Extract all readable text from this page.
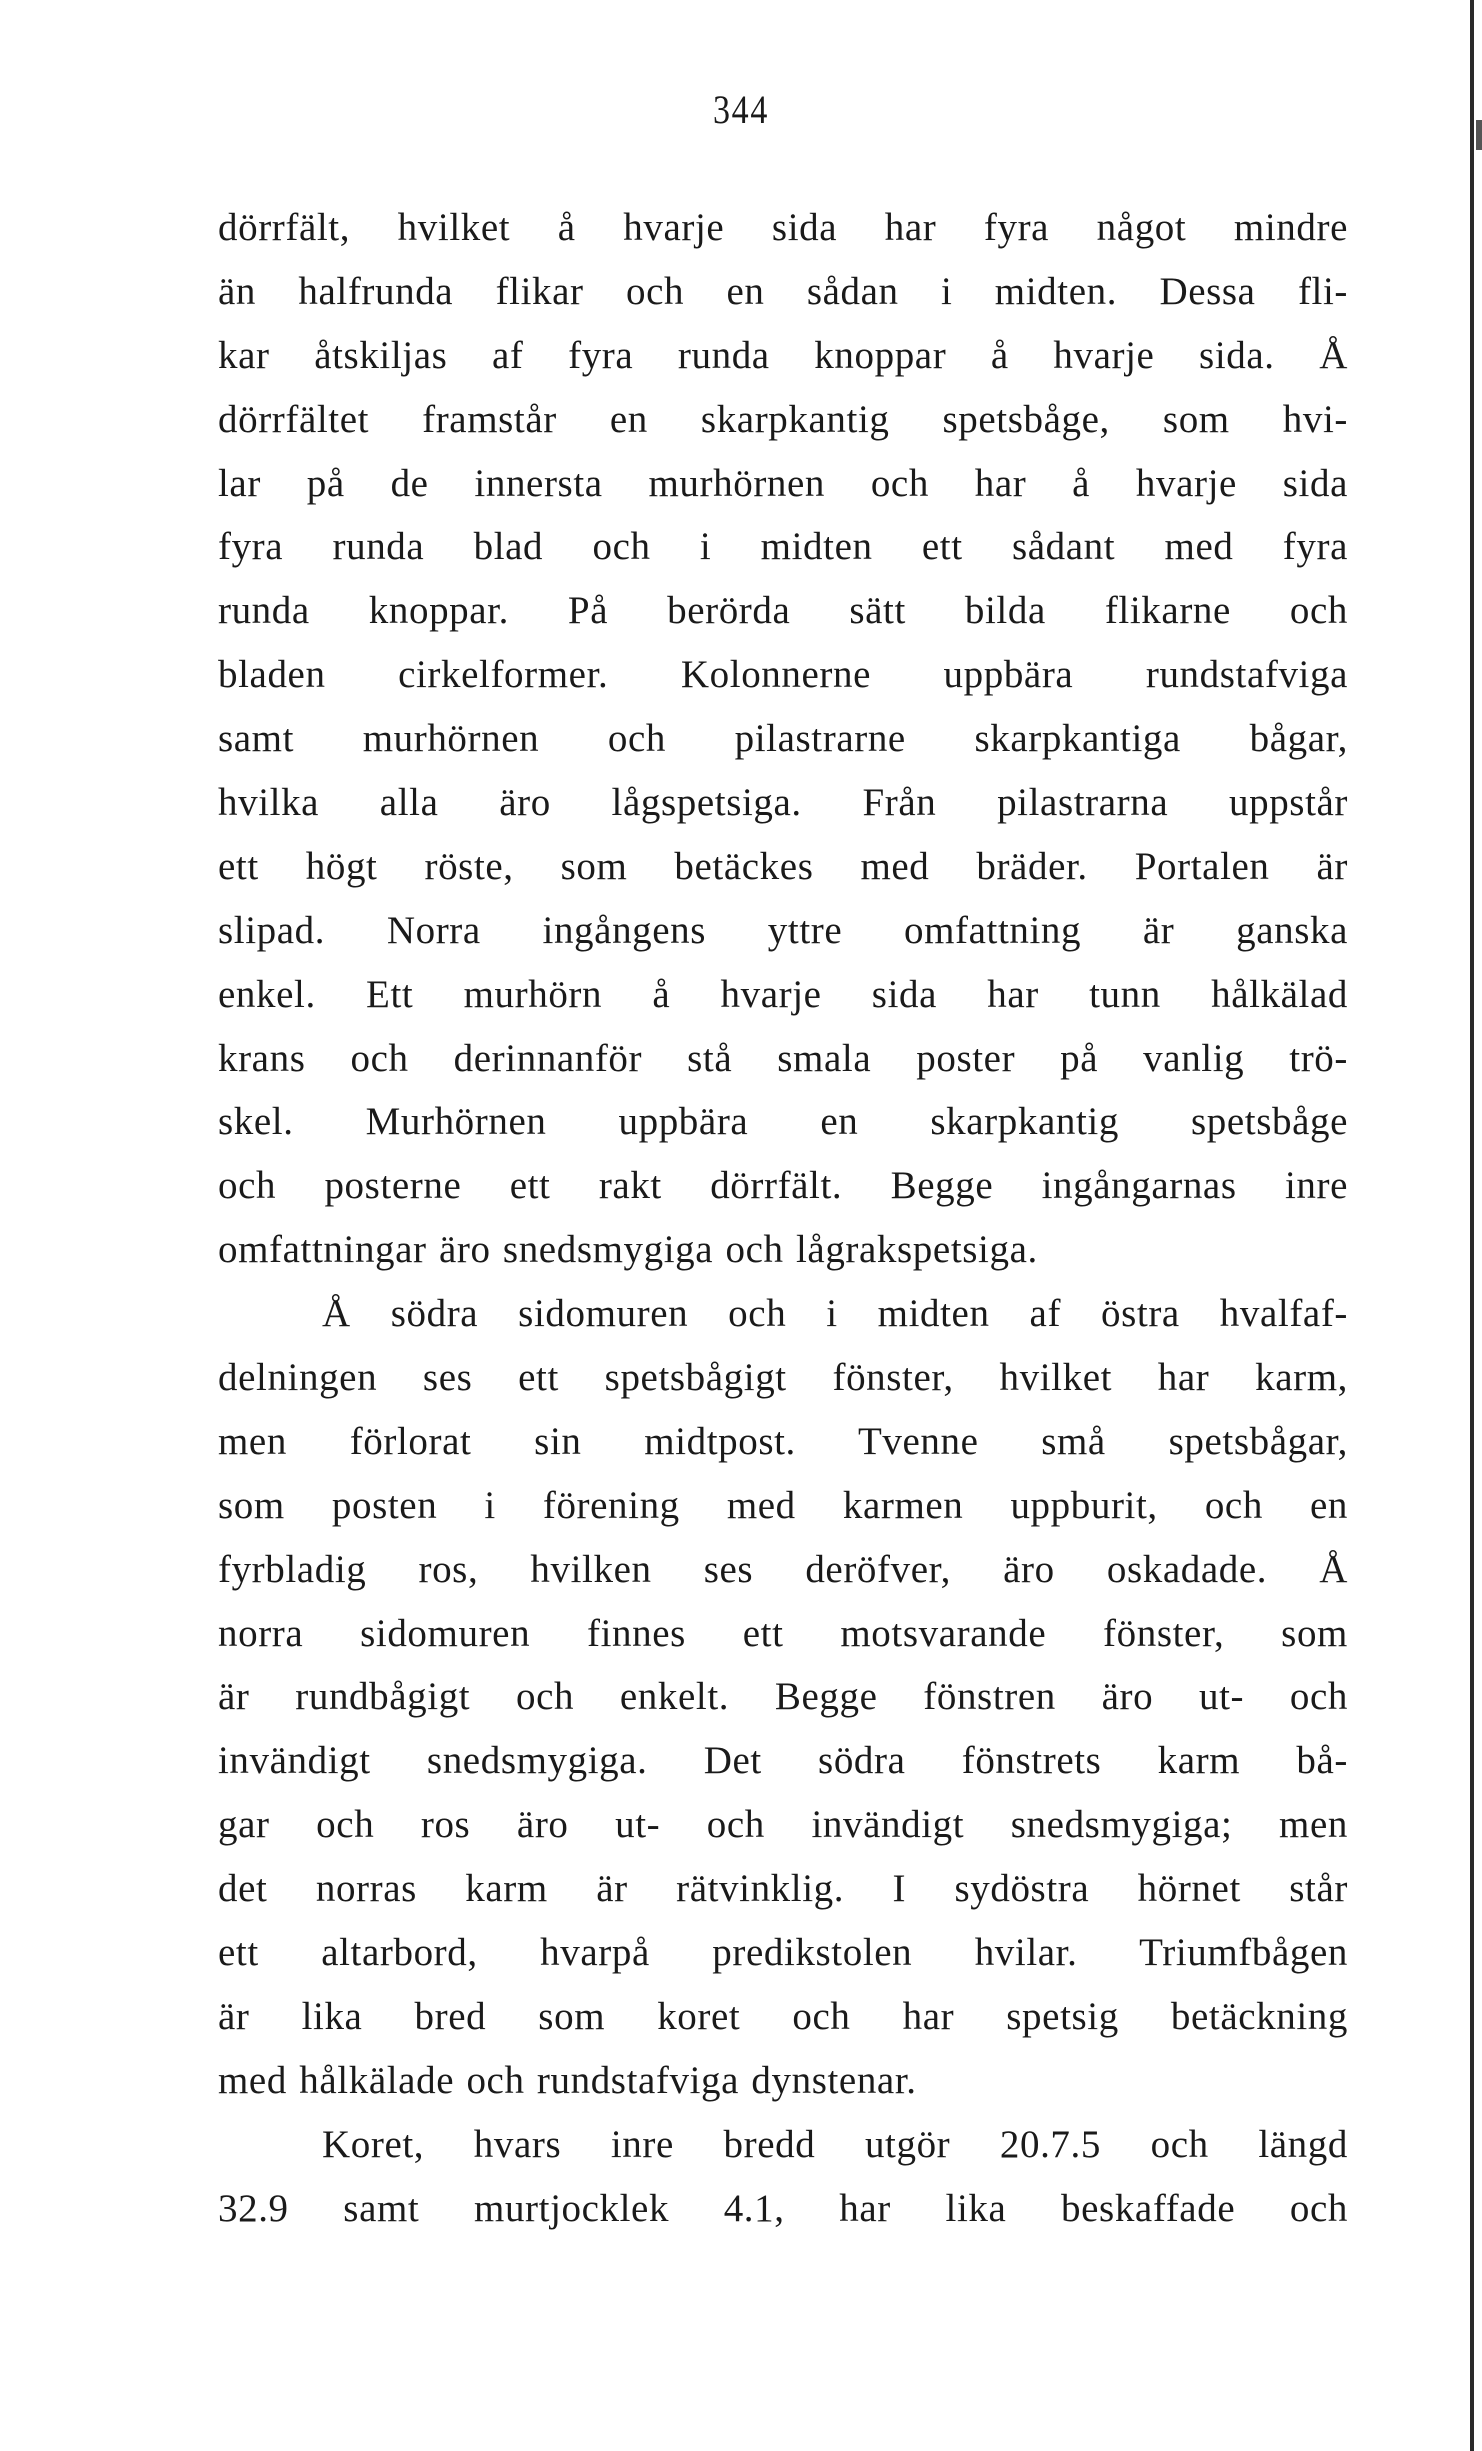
344
dörrfält, hvilket å hvarje sida har fyra något mindre
än halfrunda flikar och en sådan i midten. Dessa fli-
kar åtskiljas af fyra runda knoppar å hvarje sida. Å
dörrfältet framstår en skarpkantig spetsbåge, som hvi-
lar på de innersta murhörnen och har å hvarje sida
fyra runda blad och i midten ett sådant med fyra
runda knoppar. På berörda sätt bilda flikarne och
bladen cirkelformer. Kolonnerne uppbära rundstafviga
samt murhörnen och pilastrarne skarpkantiga bågar,
hvilka alla äro lågspetsiga. Från pilastrarna uppstår
ett högt röste, som betäckes med bräder. Portalen är
slipad. Norra ingångens yttre omfattning är ganska
enkel. Ett murhörn å hvarje sida har tunn hålkälad
krans och derinnanför stå smala poster på vanlig trö-
skel. Murhörnen uppbära en skarpkantig spetsbåge
och posterne ett rakt dörrfält. Begge ingångarnas inre
omfattningar äro snedsmygiga och lågrakspetsiga.
Å södra sidomuren och i midten af östra hvalfaf-
delningen ses ett spetsbågigt fönster, hvilket har karm,
men förlorat sin midtpost. Tvenne små spetsbågar,
som posten i förening med karmen uppburit, och en
fyrbladig ros, hvilken ses deröfver, äro oskadade. Å
norra sidomuren finnes ett motsvarande fönster, som
är rundbågigt och enkelt. Begge fönstren äro ut- och
invändigt snedsmygiga. Det södra fönstrets karm bå-
gar och ros äro ut- och invändigt snedsmygiga; men
det norras karm är rätvinklig. I sydöstra hörnet står
ett altarbord, hvarpå predikstolen hvilar. Triumfbågen
är lika bred som koret och har spetsig betäckning
med hålkälade och rundstafviga dynstenar.
Koret, hvars inre bredd utgör 20.7.5 och längd
32.9 samt murtjocklek 4.1, har lika beskaffade och
